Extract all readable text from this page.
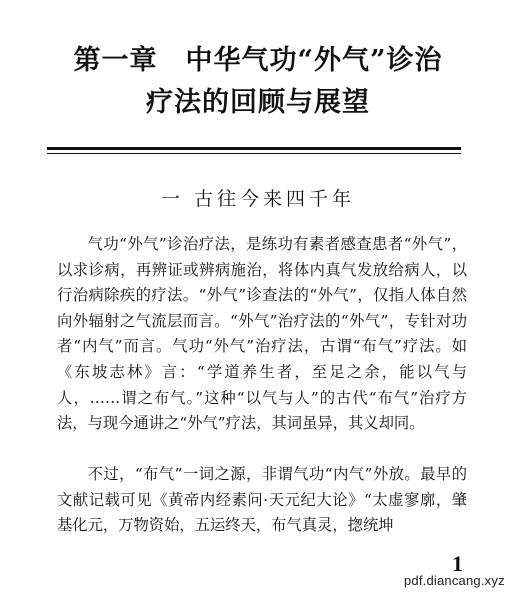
第一章　中华气功“外气”诊治
疗法的回顾与展望
一 古往今来四千年

气功“外气”诊治疗法，是练功有素者感查患者“外气”，以求诊病，再辨证或辨病施治，将体内真气发放给病人，以行治病除疾的疗法。“外气”诊查法的“外气”，仅指人体自然向外辐射之气流层而言。“外气”治疗法的“外气”，专针对功者“内气”而言。气功“外气”治疗法，古谓“布气”疗法。如《东坡志林》言：“学道养生者，至足之余，能以气与人，……谓之布气。”这种“以气与人”的古代“布气”治疗方法，与现今通讲之“外气”疗法，其词虽异，其义却同。

不过，“布气”一词之源，非谓气功“内气”外放。最早的文献记载可见《黄帝内经素问·天元纪大论》“太虚寥廓，肇基化元，万物资始，五运终天，布气真灵，揔统坤

1
pdf.diancang.xyz
